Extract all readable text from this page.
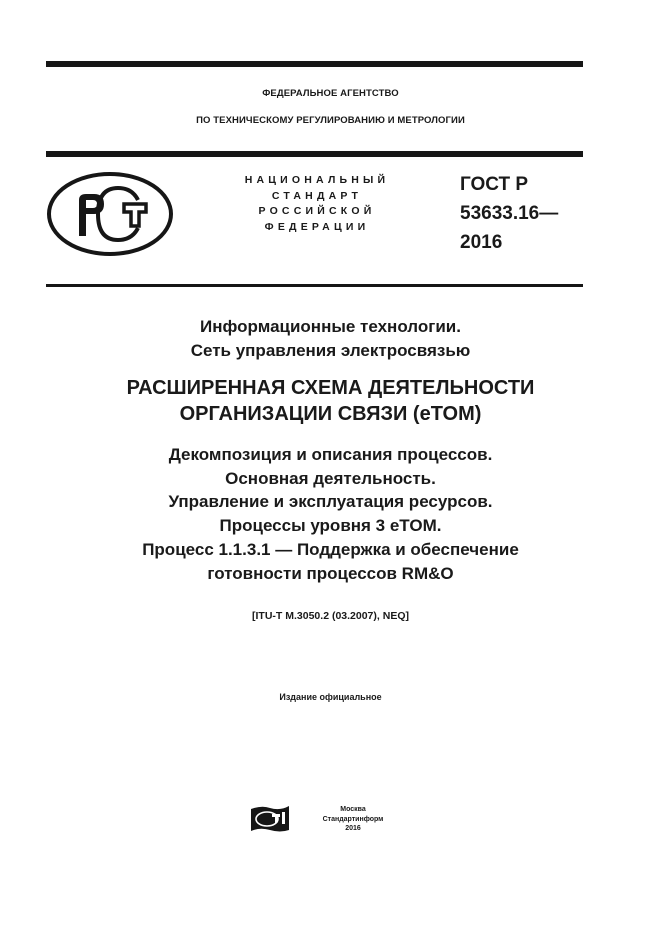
ФЕДЕРАЛЬНОЕ АГЕНТСТВО
ПО ТЕХНИЧЕСКОМУ РЕГУЛИРОВАНИЮ И МЕТРОЛОГИИ
НАЦИОНАЛЬНЫЙ
СТАНДАРТ
РОССИЙСКОЙ
ФЕДЕРАЦИИ
ГОСТ Р
53633.16—
2016
Информационные технологии.
Сеть управления электросвязью
РАСШИРЕННАЯ СХЕМА ДЕЯТЕЛЬНОСТИ
ОРГАНИЗАЦИИ СВЯЗИ (eTOM)
Декомпозиция и описания процессов.
Основная деятельность.
Управление и эксплуатация ресурсов.
Процессы уровня 3 eTOM.
Процесс 1.1.3.1 — Поддержка и обеспечение
готовности процессов RM&O
[ITU-T M.3050.2 (03.2007), NEQ]
Издание официальное
Москва
Стандартинформ
2016
